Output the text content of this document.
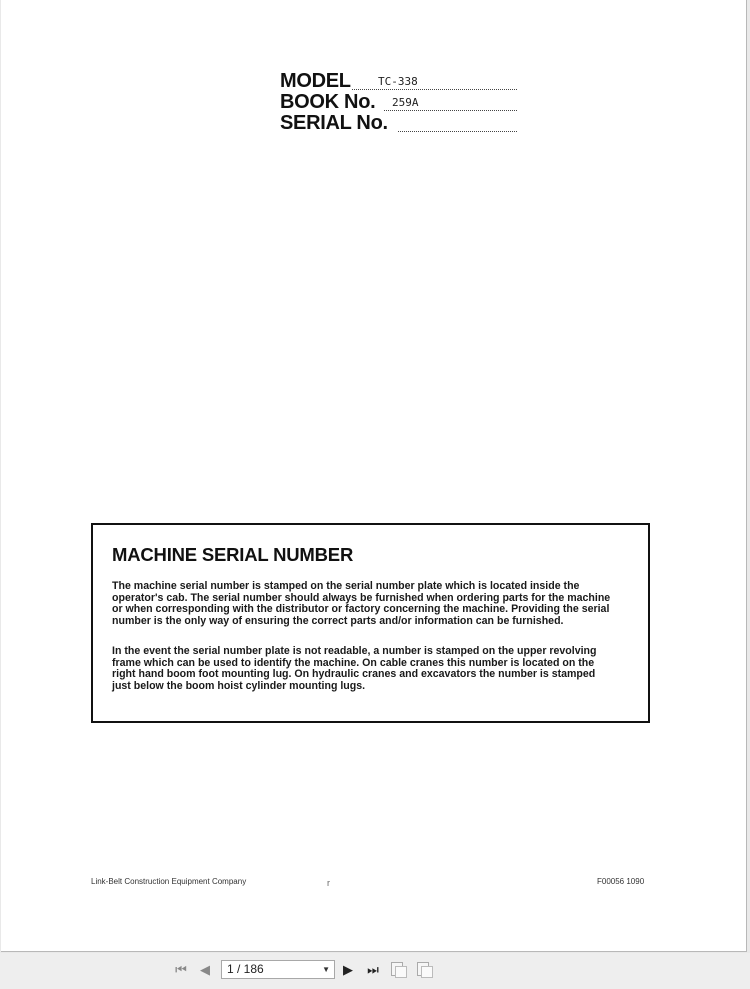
MODEL TC-338
BOOK No. 259A
SERIAL No.
MACHINE SERIAL NUMBER

The machine serial number is stamped on the serial number plate which is located inside the operator's cab. The serial number should always be furnished when ordering parts for the machine or when corresponding with the distributor or factory concerning the machine. Providing the serial number is the only way of ensuring the correct parts and/or information can be furnished.

In the event the serial number plate is not readable, a number is stamped on the upper revolving frame which can be used to identify the machine. On cable cranes this number is located on the right hand boom foot mounting lug. On hydraulic cranes and excavators the number is stamped just below the boom hoist cylinder mounting lugs.

Link-Belt Construction Equipment Company	r	F00056 1090
⏮ ◀	1 / 186	▼ ▶ ⏭
